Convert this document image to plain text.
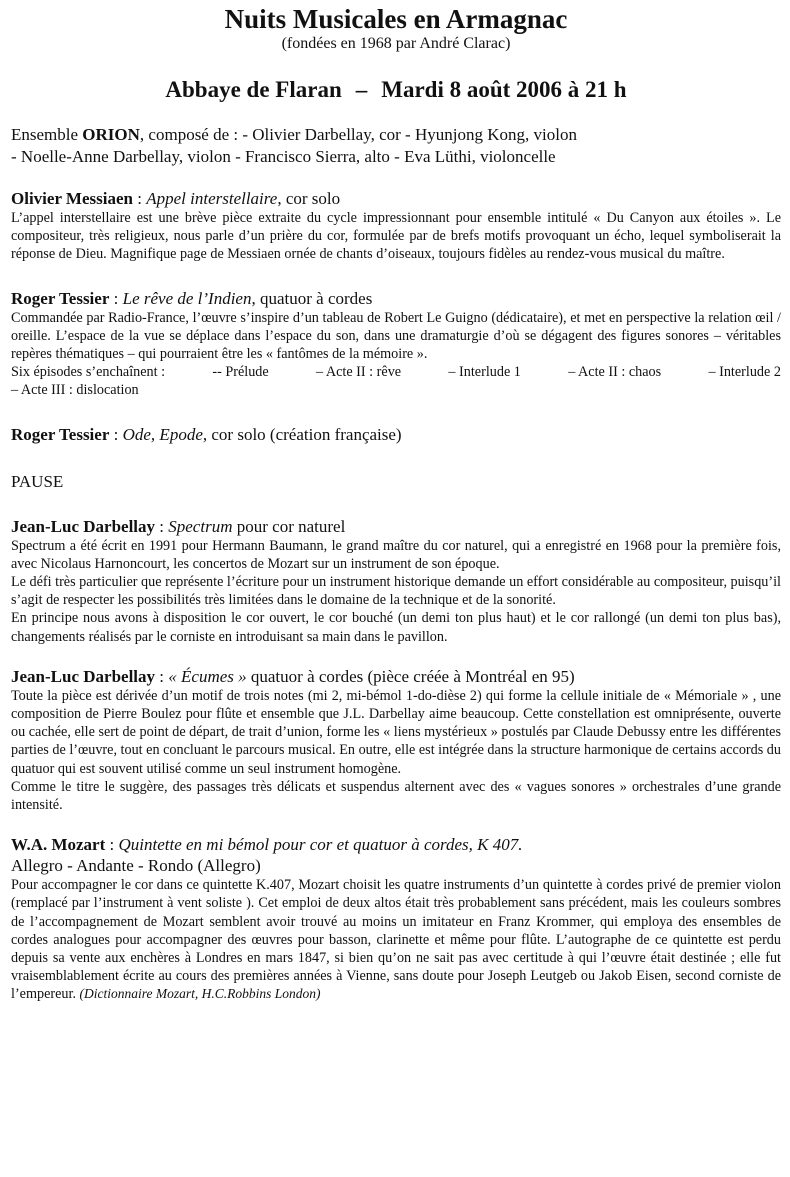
Nuits Musicales en Armagnac

(fondées en 1968 par André Clarac)

Abbaye de Flaran – Mardi 8 août 2006 à 21 h

Ensemble ORION, composé de : - Olivier Darbellay, cor - Hyunjong Kong, violon
- Noelle-Anne Darbellay, violon - Francisco Sierra, alto - Eva Lüthi, violoncelle

Olivier Messiaen : Appel interstellaire, cor solo

L’appel interstellaire est une brève pièce extraite du cycle impressionnant pour ensemble intitulé « Du Canyon aux étoiles ». Le compositeur, très religieux, nous parle d’un prière du cor, formulée par de brefs motifs provoquant un écho, lequel symboliserait la réponse de Dieu. Magnifique page de Messiaen ornée de chants d’oiseaux, toujours fidèles au rendez-vous musical du maître.

Roger Tessier : Le rêve de l’Indien, quatuor à cordes

Commandée par Radio-France, l’œuvre s’inspire d’un tableau de Robert Le Guigno (dédicataire), et met en perspective la relation œil / oreille. L’espace de la vue se déplace dans l’espace du son, dans une dramaturgie d’où se dégagent des figures sonores – véritables repères thématiques – qui pourraient être les « fantômes de la mémoire ».

Six épisodes s’enchaînent :	-- Prélude	– Acte II : rêve	– Interlude 1	– Acte II : chaos	– Interlude 2

– Acte III : dislocation

Roger Tessier : Ode, Epode, cor solo (création française)

PAUSE

Jean-Luc Darbellay : Spectrum pour cor naturel

Spectrum a été écrit en 1991 pour Hermann Baumann, le grand maître du cor naturel, qui a enregistré en 1968 pour la première fois, avec Nicolaus Harnoncourt, les concertos de Mozart sur un instrument de son époque.

Le défi très particulier que représente l’écriture pour un instrument historique demande un effort considérable au compositeur, puisqu’il s’agit de respecter les possibilités très limitées dans le domaine de la technique et de la sonorité.

En principe nous avons à disposition le cor ouvert, le cor bouché (un demi ton plus haut) et le cor rallongé (un demi ton plus bas), changements réalisés par le corniste en introduisant sa main dans le pavillon.

Jean-Luc Darbellay : « Écumes » quatuor à cordes (pièce créée à Montréal en 95)

Toute la pièce est dérivée d’un motif de trois notes (mi 2, mi-bémol 1-do-dièse 2) qui forme la cellule initiale de « Mémoriale » , une composition de Pierre Boulez pour flûte et ensemble que J.L. Darbellay aime beaucoup. Cette constellation est omniprésente, ouverte ou cachée, elle sert de point de départ, de trait d’union, forme les « liens mystérieux » postulés par Claude Debussy entre les différentes parties de l’œuvre, tout en concluant le parcours musical. En outre, elle est intégrée dans la structure harmonique de certains accords du quatuor qui est souvent utilisé comme un seul instrument homogène.

Comme le titre le suggère, des passages très délicats et suspendus alternent avec des « vagues sonores » orchestrales d’une grande intensité.

W.A. Mozart : Quintette en mi bémol pour cor et quatuor à cordes, K 407.

Allegro - Andante - Rondo (Allegro)

Pour accompagner le cor dans ce quintette K.407, Mozart choisit les quatre instruments d’un quintette à cordes privé de premier violon (remplacé par l’instrument à vent soliste ). Cet emploi de deux altos était très probablement sans précédent, mais les couleurs sombres de l’accompagnement de Mozart semblent avoir trouvé au moins un imitateur en Franz Krommer, qui employa des ensembles de cordes analogues pour accompagner des œuvres pour basson, clarinette et même pour flûte. L’autographe de ce quintette est perdu depuis sa vente aux enchères à Londres en mars 1847, si bien qu’on ne sait pas avec certitude à qui l’œuvre était destinée ; elle fut vraisemblablement écrite au cours des premières années à Vienne, sans doute pour Joseph Leutgeb ou Jakob Eisen, second corniste de l’empereur. (Dictionnaire Mozart, H.C.Robbins London)
